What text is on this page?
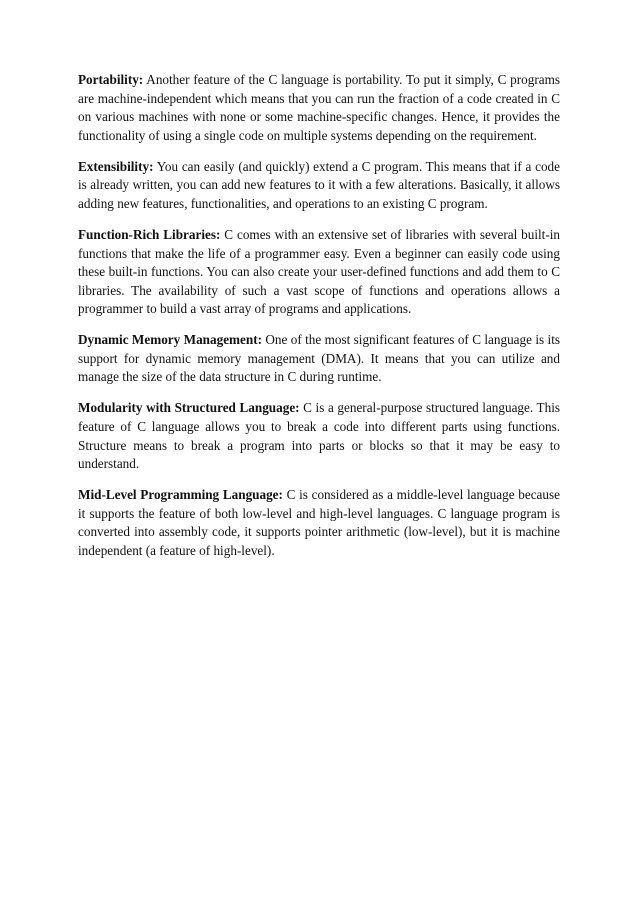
Portability: Another feature of the C language is portability. To put it simply, C programs are machine-independent which means that you can run the fraction of a code created in C on various machines with none or some machine-specific changes. Hence, it provides the functionality of using a single code on multiple systems depending on the requirement.

Extensibility: You can easily (and quickly) extend a C program. This means that if a code is already written, you can add new features to it with a few alterations. Basically, it allows adding new features, functionalities, and operations to an existing C program.

Function-Rich Libraries: C comes with an extensive set of libraries with several built-in functions that make the life of a programmer easy. Even a beginner can easily code using these built-in functions. You can also create your user-defined functions and add them to C libraries. The availability of such a vast scope of functions and operations allows a programmer to build a vast array of programs and applications.

Dynamic Memory Management: One of the most significant features of C language is its support for dynamic memory management (DMA). It means that you can utilize and manage the size of the data structure in C during runtime.

Modularity with Structured Language: C is a general-purpose structured language. This feature of C language allows you to break a code into different parts using functions. Structure means to break a program into parts or blocks so that it may be easy to understand.

Mid-Level Programming Language: C is considered as a middle-level language because it supports the feature of both low-level and high-level languages. C language program is converted into assembly code, it supports pointer arithmetic (low-level), but it is machine independent (a feature of high-level).
